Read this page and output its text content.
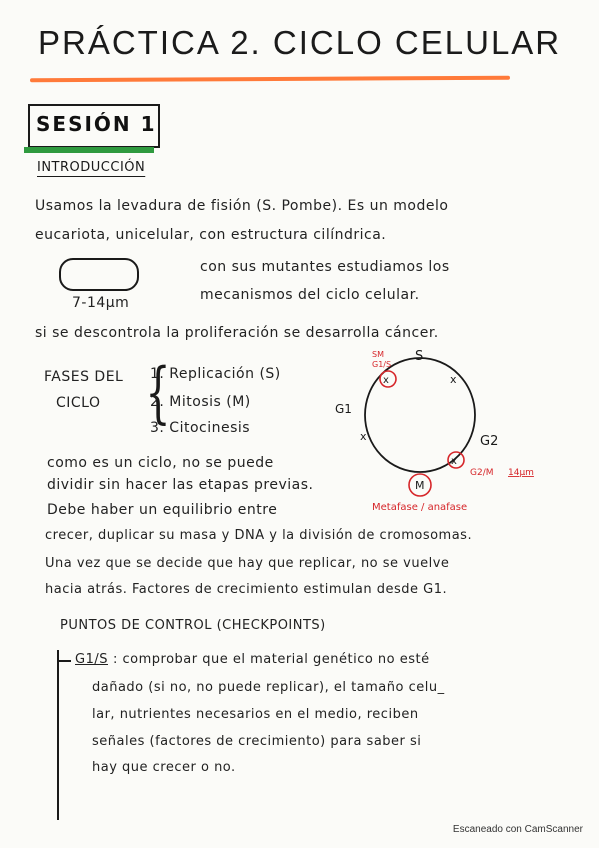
PRÁCTICA 2. CICLO CELULAR
SESIÓN 1
INTRODUCCIÓN
Usamos la levadura de fisión (S. Pombe). Es un modelo
eucariota, unicelular, con estructura cilíndrica.
7-14μm
con sus mutantes estudiamos los
mecanismos del ciclo celular.
si se descontrola la proliferación se desarrolla cáncer.
FASES DEL
CICLO {
1. Replicación (S)
2. Mitosis (M)
3. Citocinesis
x
x
x
x
S
G1
G2
M
SM
G1/S
G2/M 14μm
Metafase / anafase
como es un ciclo, no se puede
dividir sin hacer las etapas previas.
Debe haber un equilibrio entre
crecer, duplicar su masa y DNA y la división de cromosomas.
Una vez que se decide que hay que replicar, no se vuelve
hacia atrás. Factores de crecimiento estimulan desde G1.
PUNTOS DE CONTROL (CHECKPOINTS)
G1/S : comprobar que el material genético no esté
dañado (si no, no puede replicar), el tamaño celu_
lar, nutrientes necesarios en el medio, reciben
señales (factores de crecimiento) para saber si
hay que crecer o no.
Escaneado con CamScanner
